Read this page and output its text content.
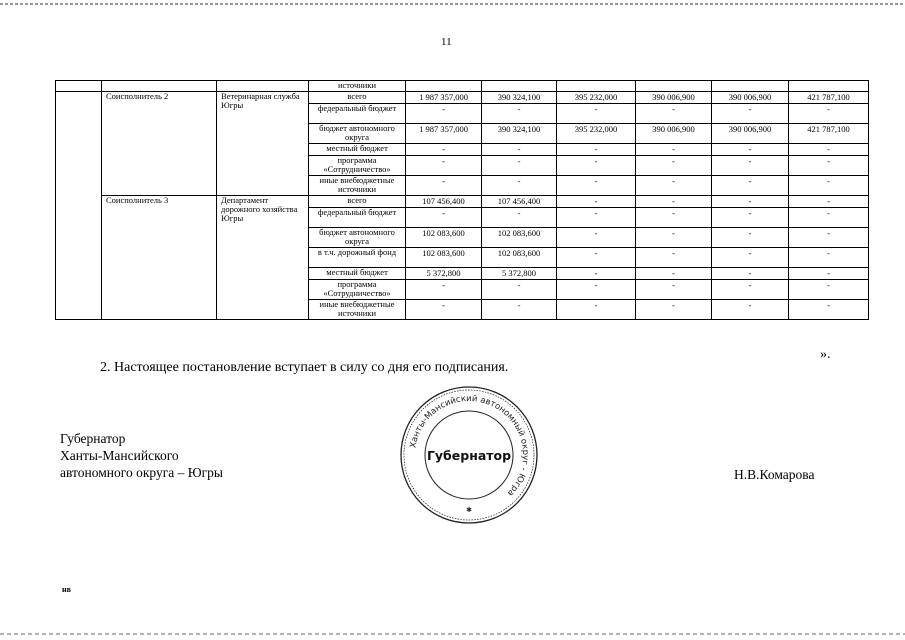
11
			источники						
	Соисполнитель 2	Ветеринарная служба Югры	всего	1 987 357,000	390 324,100	395 232,000	390 006,900	390 006,900	421 787,100
			федеральный бюджет	-	-	-	-	-	-
			бюджет автономного округа	1 987 357,000	390 324,100	395 232,000	390 006,900	390 006,900	421 787,100
			местный бюджет	-	-	-	-	-	-
			программа «Сотрудничество»	-	-	-	-	-	-
			иные внебюджетные источники	-	-	-	-	-	-
	Соисполнитель 3	Департамент дорожного хозяйства Югры	всего	107 456,400	107 456,400	-	-	-	-
			федеральный бюджет	-	-	-	-	-	-
			бюджет автономного округа	102 083,600	102 083,600	-	-	-	-
			в т.ч. дорожный фонд	102 083,600	102 083,600	-	-	-	-
			местный бюджет	5 372,800	5 372,800	-	-	-	-
			программа «Сотрудничество»	-	-	-	-	-	-
			иные внебюджетные источники	-	-	-	-	-	-
».
2. Настоящее постановление вступает в силу со дня его подписания.
Губернатор
Ханты-Мансийского
автономного округа – Югры	Н.В.Комарова
Ханты-Мансийский автономный округ - Югра
Губернатор
✱
нв
